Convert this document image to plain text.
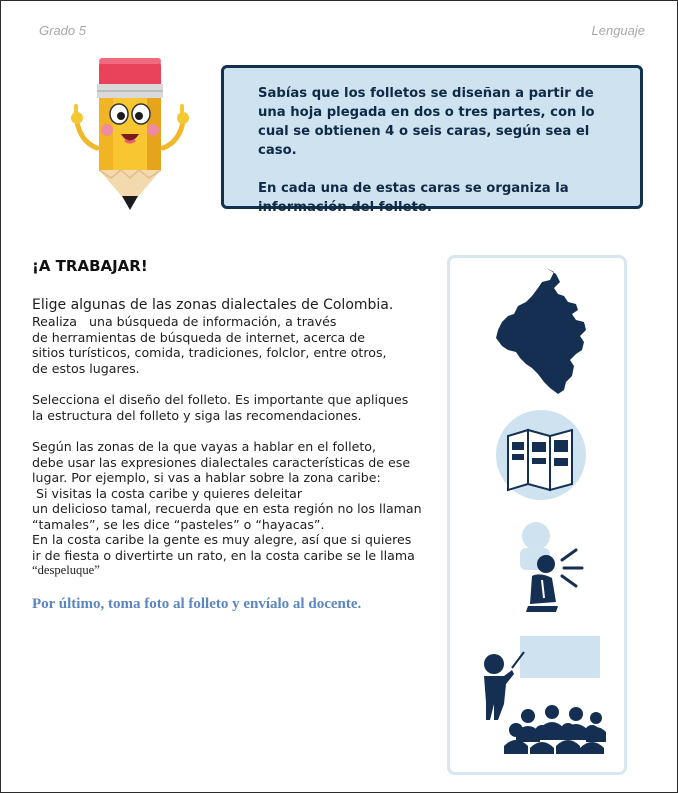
Grado 5	Lenguaje

Sabías que los folletos se diseñan a partir de una hoja plegada en dos o tres partes, con lo cual se obtienen 4 o seis caras, según sea el caso.

En cada una de estas caras se organiza la información del folleto.

¡A TRABAJAR!

Elige algunas de las zonas dialectales de Colombia.
Realiza   una búsqueda de información, a través
de herramientas de búsqueda de internet, acerca de
sitios turísticos, comida, tradiciones, folclor, entre otros,
de estos lugares.

Selecciona el diseño del folleto. Es importante que apliques
la estructura del folleto y siga las recomendaciones.

Según las zonas de la que vayas a hablar en el folleto,
debe usar las expresiones dialectales características de ese
lugar. Por ejemplo, si vas a hablar sobre la zona caribe:
Si visitas la costa caribe y quieres deleitar
un delicioso tamal, recuerda que en esta región no los llaman
“tamales”, se les dice “pasteles” o “hayacas”.
En la costa caribe la gente es muy alegre, así que si quieres
ir de fiesta o divertirte un rato, en la costa caribe se le llama
“despeluque”

Por último, toma foto al folleto y envíalo al docente.
